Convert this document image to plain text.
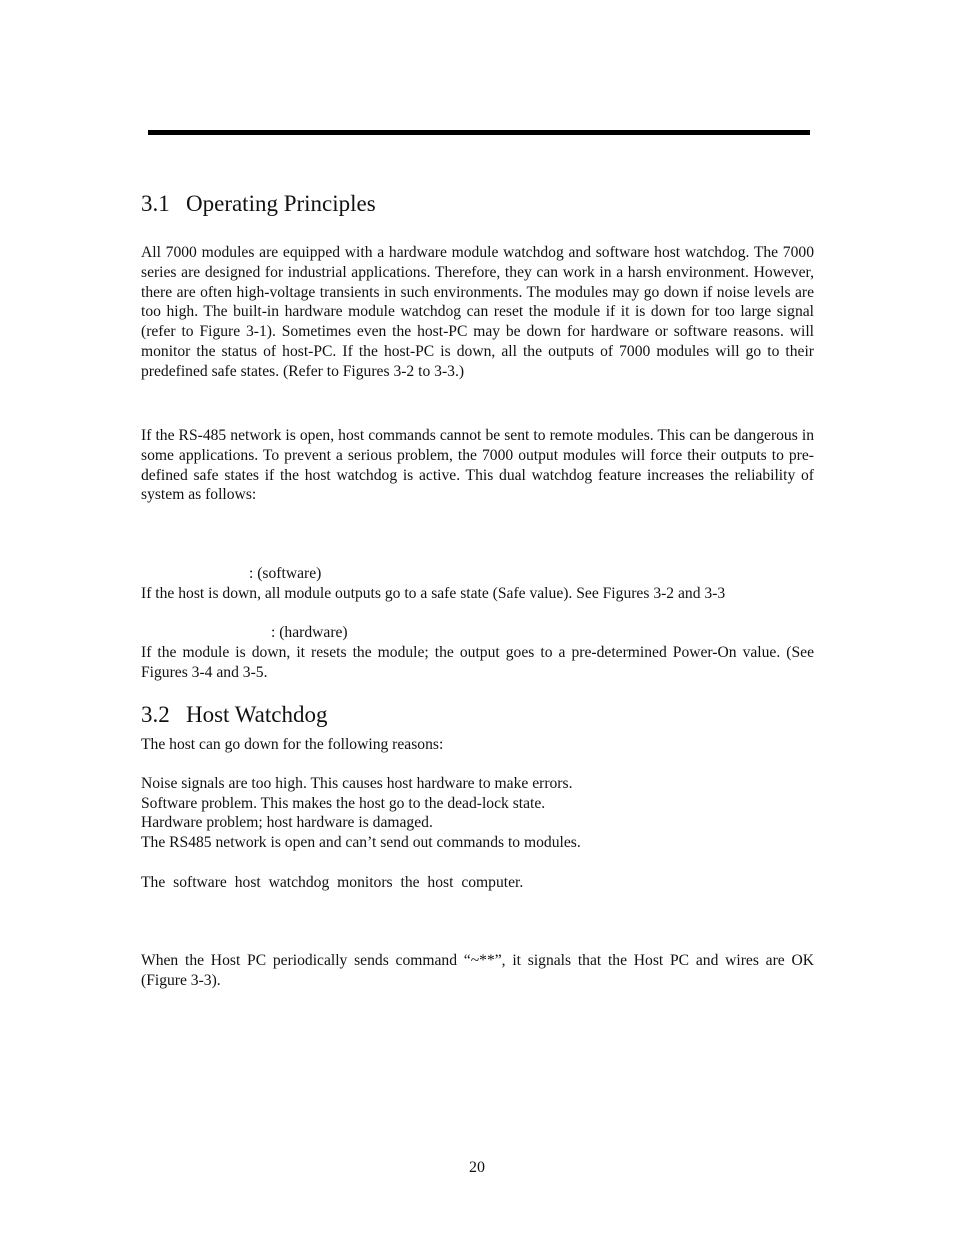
3.1 Operating Principles
All 7000 modules are equipped with a hardware module watchdog and software host watchdog. The 7000 series are designed for industrial applications. Therefore, they can work in a harsh environment. However, there are often high-voltage transients in such environments. The modules may go down if noise levels are too high. The built-in hardware module watchdog can reset the module if it is down for too large signal (refer to Figure 3-1). Sometimes even the host-PC may be down for hardware or software reasons. will monitor the status of host-PC. If the host-PC is down, all the outputs of 7000 modules will go to their predefined safe states. (Refer to Figures 3-2 to 3-3.)
If the RS-485 network is open, host commands cannot be sent to remote modules. This can be dangerous in some applications. To prevent a serious problem, the 7000 output modules will force their outputs to pre-defined safe states if the host watchdog is active. This dual watchdog feature increases the reliability of system as follows:
: (software)
If the host is down, all module outputs go to a safe state (Safe value). See Figures 3-2 and 3-3
: (hardware)
If the module is down, it resets the module; the output goes to a pre-determined Power-On value. (See Figures 3-4 and 3-5.
3.2 Host Watchdog
The host can go down for the following reasons:
Noise signals are too high. This causes host hardware to make errors.
Software problem. This makes the host go to the dead-lock state.
Hardware problem; host hardware is damaged.
The RS485 network is open and can’t send out commands to modules.
The software host watchdog monitors the host computer.
When the Host PC periodically sends command “~**”, it signals that the Host PC and wires are OK (Figure 3-3).
20
